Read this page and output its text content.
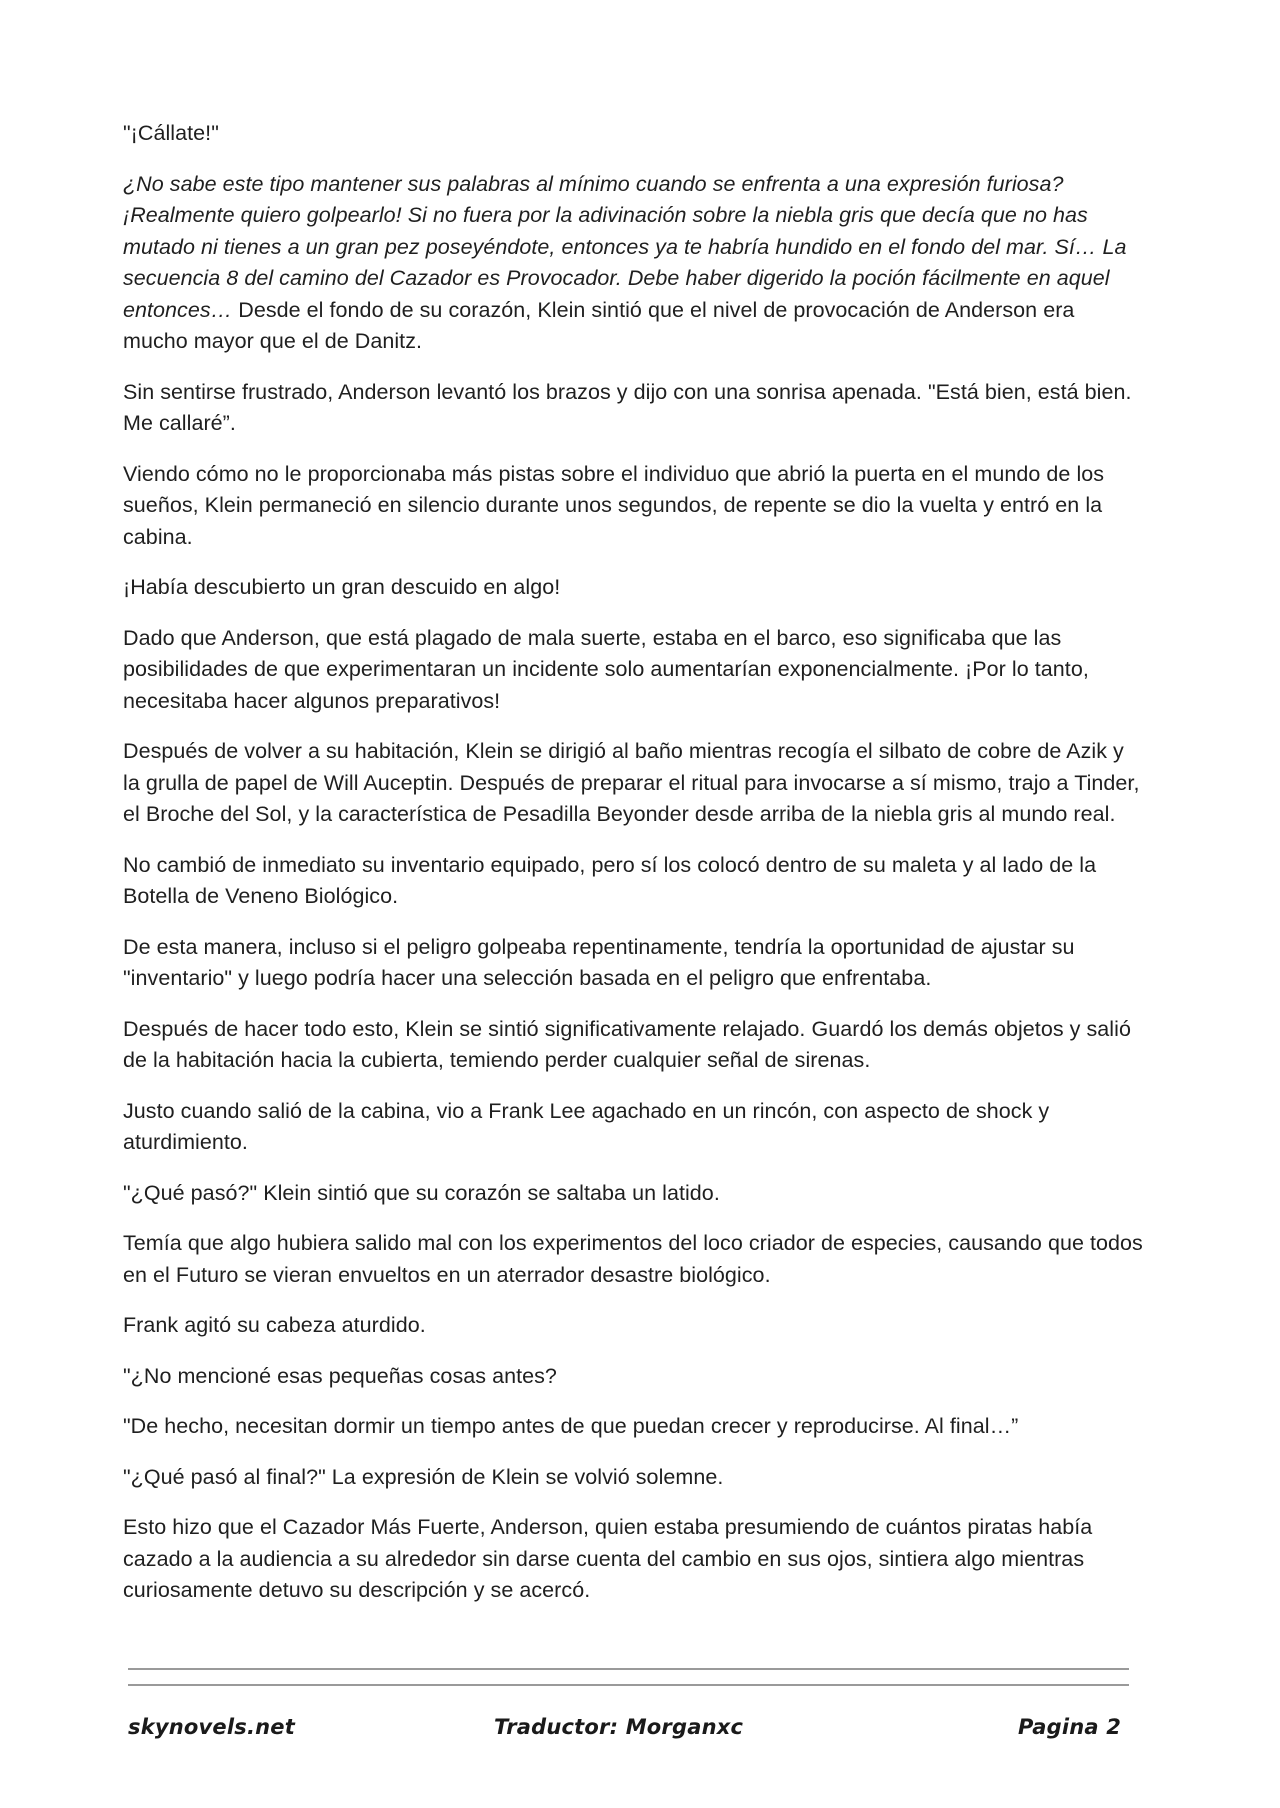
"¡Cállate!"

¿No sabe este tipo mantener sus palabras al mínimo cuando se enfrenta a una expresión furiosa? ¡Realmente quiero golpearlo! Si no fuera por la adivinación sobre la niebla gris que decía que no has mutado ni tienes a un gran pez poseyéndote, entonces ya te habría hundido en el fondo del mar. Sí… La secuencia 8 del camino del Cazador es Provocador. Debe haber digerido la poción fácilmente en aquel entonces… Desde el fondo de su corazón, Klein sintió que el nivel de provocación de Anderson era mucho mayor que el de Danitz.

Sin sentirse frustrado, Anderson levantó los brazos y dijo con una sonrisa apenada. "Está bien, está bien. Me callaré”.

Viendo cómo no le proporcionaba más pistas sobre el individuo que abrió la puerta en el mundo de los sueños, Klein permaneció en silencio durante unos segundos, de repente se dio la vuelta y entró en la cabina.

¡Había descubierto un gran descuido en algo!

Dado que Anderson, que está plagado de mala suerte, estaba en el barco, eso significaba que las posibilidades de que experimentaran un incidente solo aumentarían exponencialmente. ¡Por lo tanto, necesitaba hacer algunos preparativos!

Después de volver a su habitación, Klein se dirigió al baño mientras recogía el silbato de cobre de Azik y la grulla de papel de Will Auceptin. Después de preparar el ritual para invocarse a sí mismo, trajo a Tinder, el Broche del Sol, y la característica de Pesadilla Beyonder desde arriba de la niebla gris al mundo real.

No cambió de inmediato su inventario equipado, pero sí los colocó dentro de su maleta y al lado de la Botella de Veneno Biológico.

De esta manera, incluso si el peligro golpeaba repentinamente, tendría la oportunidad de ajustar su "inventario" y luego podría hacer una selección basada en el peligro que enfrentaba.

Después de hacer todo esto, Klein se sintió significativamente relajado. Guardó los demás objetos y salió de la habitación hacia la cubierta, temiendo perder cualquier señal de sirenas.

Justo cuando salió de la cabina, vio a Frank Lee agachado en un rincón, con aspecto de shock y aturdimiento.

"¿Qué pasó?" Klein sintió que su corazón se saltaba un latido.

Temía que algo hubiera salido mal con los experimentos del loco criador de especies, causando que todos en el Futuro se vieran envueltos en un aterrador desastre biológico.

Frank agitó su cabeza aturdido.

"¿No mencioné esas pequeñas cosas antes?

"De hecho, necesitan dormir un tiempo antes de que puedan crecer y reproducirse. Al final…”

"¿Qué pasó al final?" La expresión de Klein se volvió solemne.

Esto hizo que el Cazador Más Fuerte, Anderson, quien estaba presumiendo de cuántos piratas había cazado a la audiencia a su alrededor sin darse cuenta del cambio en sus ojos, sintiera algo mientras curiosamente detuvo su descripción y se acercó.

skynovels.net	Traductor: Morganxc	Pagina 2
